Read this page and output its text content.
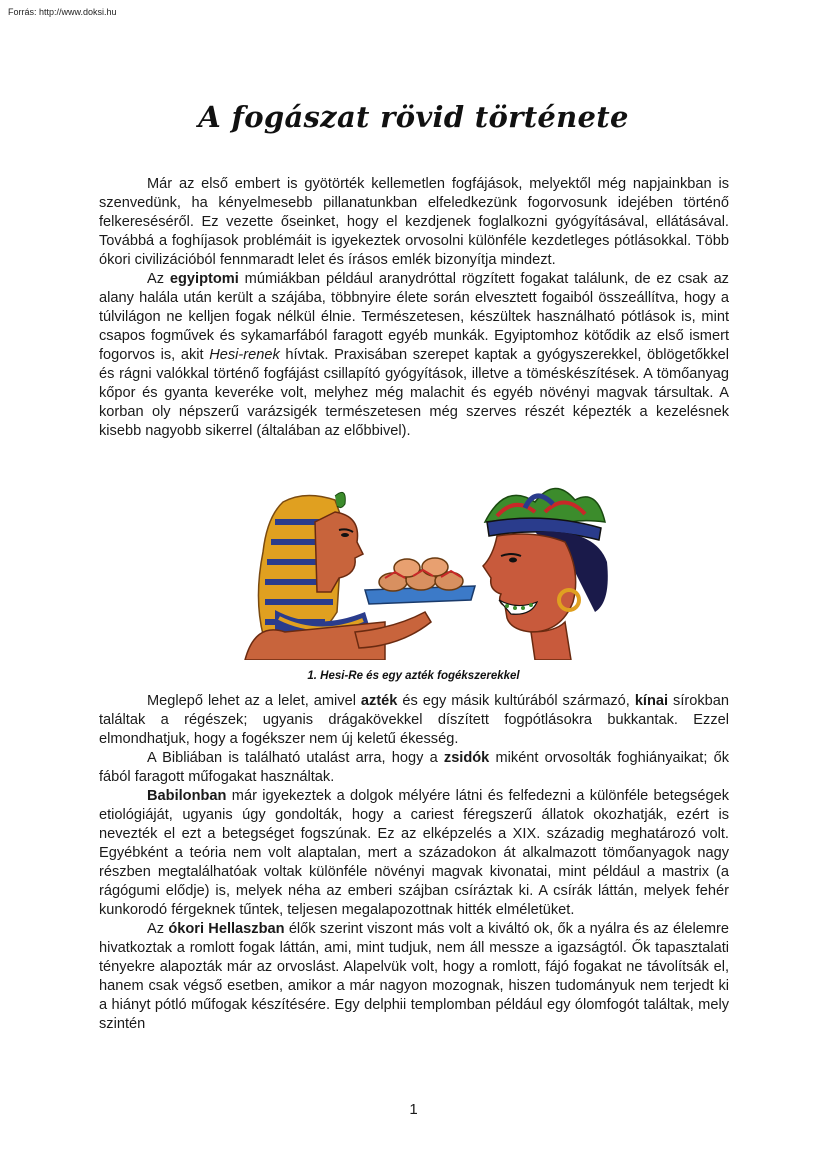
Forrás: http://www.doksi.hu
A fogászat rövid története

Már az első embert is gyötörték kellemetlen fogfájások, melyektől még napjainkban is szenvedünk, ha kényelmesebb pillanatunkban elfeledkezünk fogorvosunk idejében történő felkereséséről. Ez vezette őseinket, hogy el kezdjenek foglalkozni gyógyításával, ellátásával. Továbbá a foghíjasok problémáit is igyekeztek orvosolni különféle kezdetleges pótlásokkal. Több ókori civilizációból fennmaradt lelet és írásos emlék bizonyítja mindezt.

Az egyiptomi múmiákban például aranydróttal rögzített fogakat találunk, de ez csak az alany halála után került a szájába, többnyire élete során elvesztett fogaiból összeállítva, hogy a túlvilágon ne kelljen fogak nélkül élnie. Természetesen, készültek használható pótlások is, mint csapos fogművek és sykamarfából faragott egyéb munkák. Egyiptomhoz kötődik az első ismert fogorvos is, akit Hesi-renek hívtak. Praxisában szerepet kaptak a gyógyszerekkel, öblögetőkkel és rágni valókkal történő fogfájást csillapító gyógyítások, illetve a töméskészítések. A tömőanyag kőpor és gyanta keveréke volt, melyhez még malachit és egyéb növényi magvak társultak. A korban oly népszerű varázsigék természetesen még szerves részét képezték a kezelésnek kisebb nagyobb sikerrel (általában az előbbivel).

1. Hesi-Re és egy azték fogékszerekkel

Meglepő lehet az a lelet, amivel azték és egy másik kultúrából származó, kínai sírokban találtak a régészek; ugyanis drágakövekkel díszített fogpótlásokra bukkantak. Ezzel elmondhatjuk, hogy a fogékszer nem új keletű ékesség.

A Bibliában is található utalást arra, hogy a zsidók miként orvosolták foghiányaikat; ők fából faragott műfogakat használtak.

Babilonban már igyekeztek a dolgok mélyére látni és felfedezni a különféle betegségek etiológiáját, ugyanis úgy gondolták, hogy a cariest féregszerű állatok okozhatják, ezért is nevezték el ezt a betegséget fogszúnak. Ez az elképzelés a XIX. századig meghatározó volt. Egyébként a teória nem volt alaptalan, mert a századokon át alkalmazott tömőanyagok nagy részben megtalálhatóak voltak különféle növényi magvak kivonatai, mint például a mastrix (a rágógumi elődje) is, melyek néha az emberi szájban csíráztak ki. A csírák láttán, melyek fehér kunkorodó férgeknek tűntek, teljesen megalapozottnak hitték elméletüket.

Az ókori Hellaszban élők szerint viszont más volt a kiváltó ok, ők a nyálra és az élelemre hivatkoztak a romlott fogak láttán, ami, mint tudjuk, nem áll messze a igazságtól. Ők tapasztalati tényekre alapozták már az orvoslást. Alapelvük volt, hogy a romlott, fájó fogakat ne távolítsák el, hanem csak végső esetben, amikor a már nagyon mozognak, hiszen tudományuk nem terjedt ki a hiányt pótló műfogak készítésére. Egy delphii templomban például egy ólomfogót találtak, mely szintén

1
